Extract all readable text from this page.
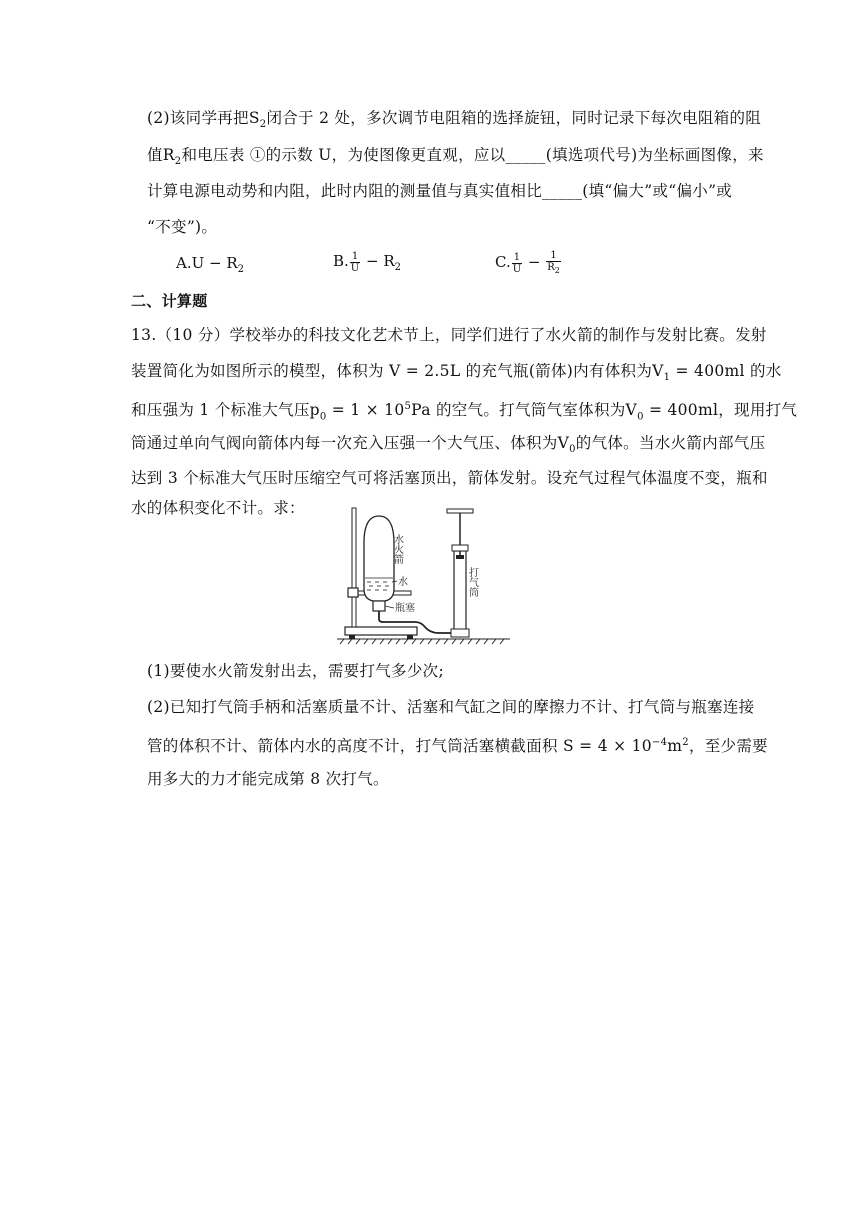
(2)该同学再把$S_2$闭合于 2 处，多次调节电阻箱的选择旋钮，同时记录下每次电阻箱的阻
值$R_2$和电压表 ①的示数 U，为使图像更直观，应以_____(填选项代号)为坐标画图像，来
计算电源电动势和内阻，此时内阻的测量值与真实值相比_____(填“偏大”或“偏小”或
“不变”)。
$A.U - R_2$	B. $\frac{1}{U} - R_2$	C. $\frac{1}{U} - \frac{1}{R_2}$
二、计算题
13.（10 分）学校举办的科技文化艺术节上，同学们进行了水火箭的制作与发射比赛。发射
装置简化为如图所示的模型，体积为 V = 2.5L 的充气瓶(箭体)内有体积为$V_1 = 400ml$ 的水
和压强为 1 个标准大气压$p_0 = 1 \times 10^5Pa$ 的空气。打气筒气室体积为$V_0 = 400ml$，现用打气
筒通过单向气阀向箭体内每一次充入压强一个大气压、体积为$V_0$的气体。当水火箭内部气压
达到 3 个标准大气压时压缩空气可将活塞顶出，箭体发射。设充气过程气体温度不变，瓶和
水的体积变化不计。求：
水火箭
水
瓶塞
打气筒
(1)要使水火箭发射出去，需要打气多少次;
(2)已知打气筒手柄和活塞质量不计、活塞和气缸之间的摩擦力不计、打气筒与瓶塞连接
管的体积不计、箭体内水的高度不计，打气筒活塞横截面积 $S = 4 \times 10^{-4}m^2$，至少需要
用多大的力才能完成第 8 次打气。
